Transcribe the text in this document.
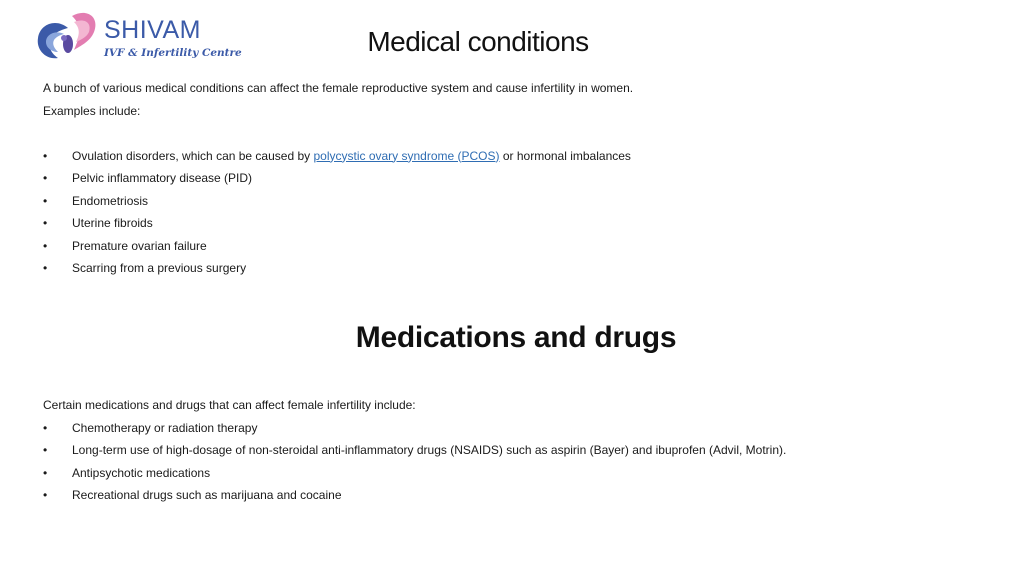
SHIVAM
IVF & Infertility Centre	Medical conditions

A bunch of various medical conditions can affect the female reproductive system and cause infertility in women.

Examples include:

• Ovulation disorders, which can be caused by polycystic ovary syndrome (PCOS) or hormonal imbalances
• Pelvic inflammatory disease (PID)
• Endometriosis
• Uterine fibroids
• Premature ovarian failure
• Scarring from a previous surgery
Medications and drugs

Certain medications and drugs that can affect female infertility include:

• Chemotherapy or radiation therapy
• Long-term use of high-dosage of non-steroidal anti-inflammatory drugs (NSAIDS) such as aspirin (Bayer) and ibuprofen (Advil, Motrin).
• Antipsychotic medications
• Recreational drugs such as marijuana and cocaine
